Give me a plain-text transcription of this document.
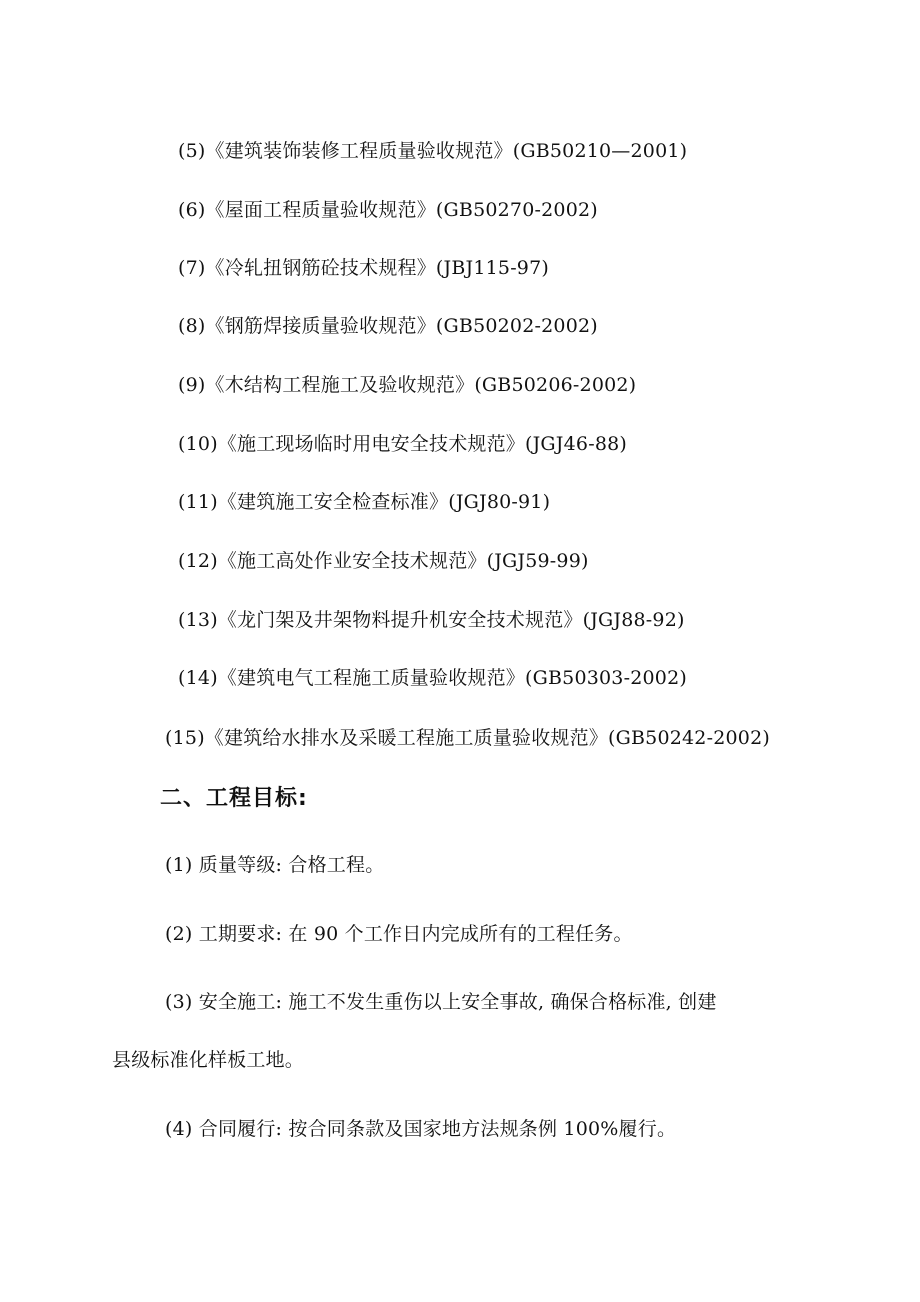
(5)《建筑装饰装修工程质量验收规范》(GB50210—2001)
(6)《屋面工程质量验收规范》(GB50270-2002)
(7)《冷轧扭钢筋砼技术规程》(JBJ115-97)
(8)《钢筋焊接质量验收规范》(GB50202-2002)
(9)《木结构工程施工及验收规范》(GB50206-2002)
(10)《施工现场临时用电安全技术规范》(JGJ46-88)
(11)《建筑施工安全检查标准》(JGJ80-91)
(12)《施工高处作业安全技术规范》(JGJ59-99)
(13)《龙门架及井架物料提升机安全技术规范》(JGJ88-92)
(14)《建筑电气工程施工质量验收规范》(GB50303-2002)
(15)《建筑给水排水及采暖工程施工质量验收规范》(GB50242-2002)
二、工程目标:
(1) 质量等级: 合格工程。
(2) 工期要求: 在 90 个工作日内完成所有的工程任务。
(3) 安全施工: 施工不发生重伤以上安全事故, 确保合格标准, 创建
县级标准化样板工地。
(4) 合同履行: 按合同条款及国家地方法规条例 100%履行。
